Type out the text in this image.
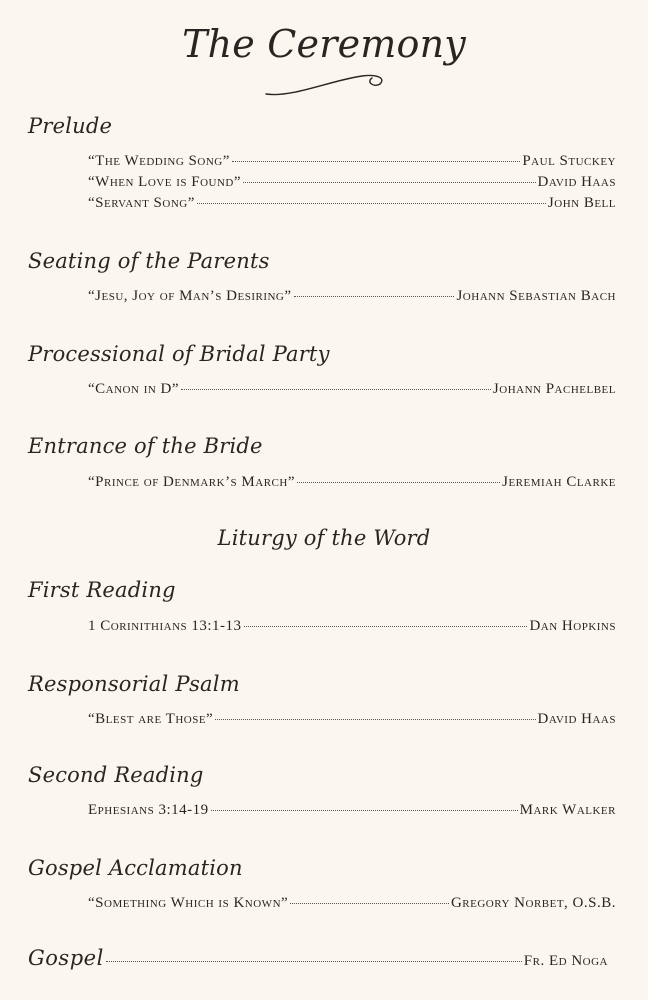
The Ceremony
Prelude
“The Wedding Song”	Paul Stuckey
“When Love is Found”	David Haas
“Servant Song”	John Bell
Seating of the Parents
“Jesu, Joy of Man’s Desiring”	Johann Sebastian Bach
Processional of Bridal Party
“Canon in D”	Johann Pachelbel
Entrance of the Bride
“Prince of Denmark’s March”	Jeremiah Clarke
Liturgy of the Word
First Reading
1 Corinithians 13:1-13	Dan Hopkins
Responsorial Psalm
“Blest are Those”	David Haas
Second Reading
Ephesians 3:14-19	Mark Walker
Gospel Acclamation
“Something Which is Known”	Gregory Norbet, O.S.B.
Gospel	Fr. Ed Noga
